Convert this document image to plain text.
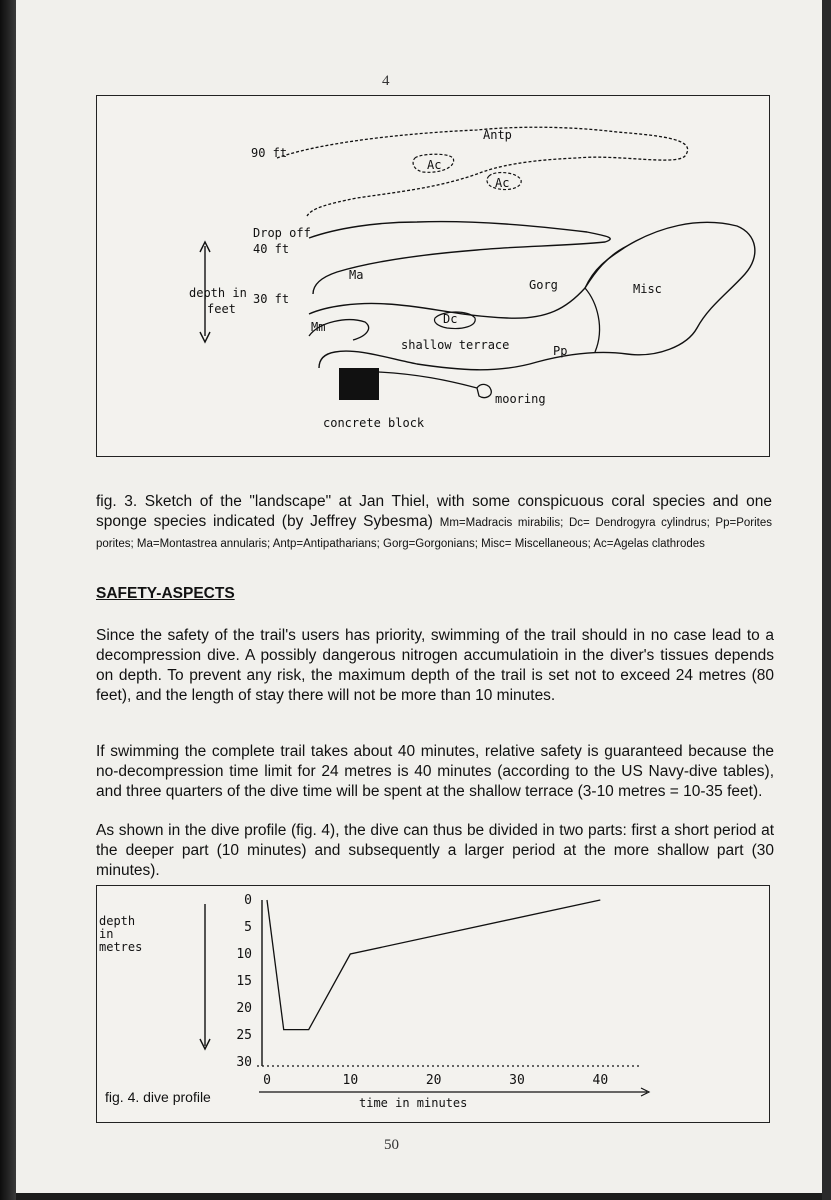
4
90 ft
Antp
Ac
Ac
Drop off
40 ft
Ma
Gorg	Misc
depth in
feet
30 ft
Dc
Mm
shallow terrace	Pp
mooring
concrete block
fig. 3. Sketch of the "landscape" at Jan Thiel, with some conspicuous coral species and one sponge species indicated (by Jeffrey Sybesma) Mm=Madracis mirabilis; Dc= Dendrogyra cylindrus; Pp=Porites porites; Ma=Montastrea annularis; Antp=Antipatharians; Gorg=Gorgonians; Misc= Miscellaneous; Ac=Agelas clathrodes
SAFETY-ASPECTS

Since the safety of the trail's users has priority, swimming of the trail should in no case lead to a decompression dive. A possibly dangerous nitrogen accumulatioin in the diver's tissues depends on depth. To prevent any risk, the maximum depth of the trail is set not to exceed 24 metres (80 feet), and the length of stay there will not be more than 10 minutes.

If swimming the complete trail takes about 40 minutes, relative safety is guaranteed because the no-decompression time limit for 24 metres is 40 minutes (according to the US Navy-dive tables), and three quarters of the dive time will be spent at the shallow terrace (3-10 metres = 10-35 feet).

As shown in the dive profile (fig. 4), the dive can thus be divided in two parts: first a short period at the deeper part (10 minutes) and subsequently a larger period at the more shallow part (30 minutes).

0
5
10
15
20
25
30
0	10	20	30	40
depth
in
metres
time in minutes
fig. 4. dive profile
50
